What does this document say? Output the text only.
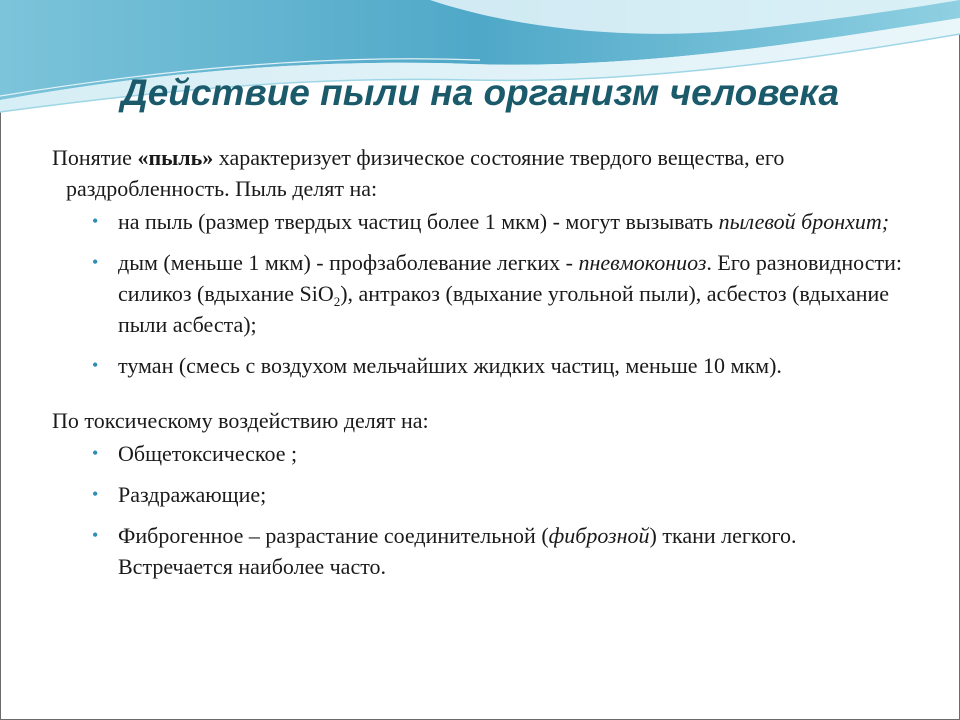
Действие пыли на организм человека

Понятие «пыль» характеризует физическое состояние твердого вещества, его раздробленность. Пыль делят на:

• на пыль (размер твердых частиц более 1 мкм) - могут вызывать пылевой бронхит;
• дым (меньше 1 мкм) - профзаболевание легких - пневмокониоз. Его разновидности: силикоз (вдыхание SiO$_2$), антракоз (вдыхание угольной пыли), асбестоз (вдыхание пыли асбеста);
• туман (смесь с воздухом мельчайших жидких частиц, меньше 10 мкм).

По токсическому воздействию делят на:

• Общетоксическое ;
• Раздражающие;
• Фиброгенное – разрастание соединительной (фиброзной) ткани легкого. Встречается наиболее часто.
